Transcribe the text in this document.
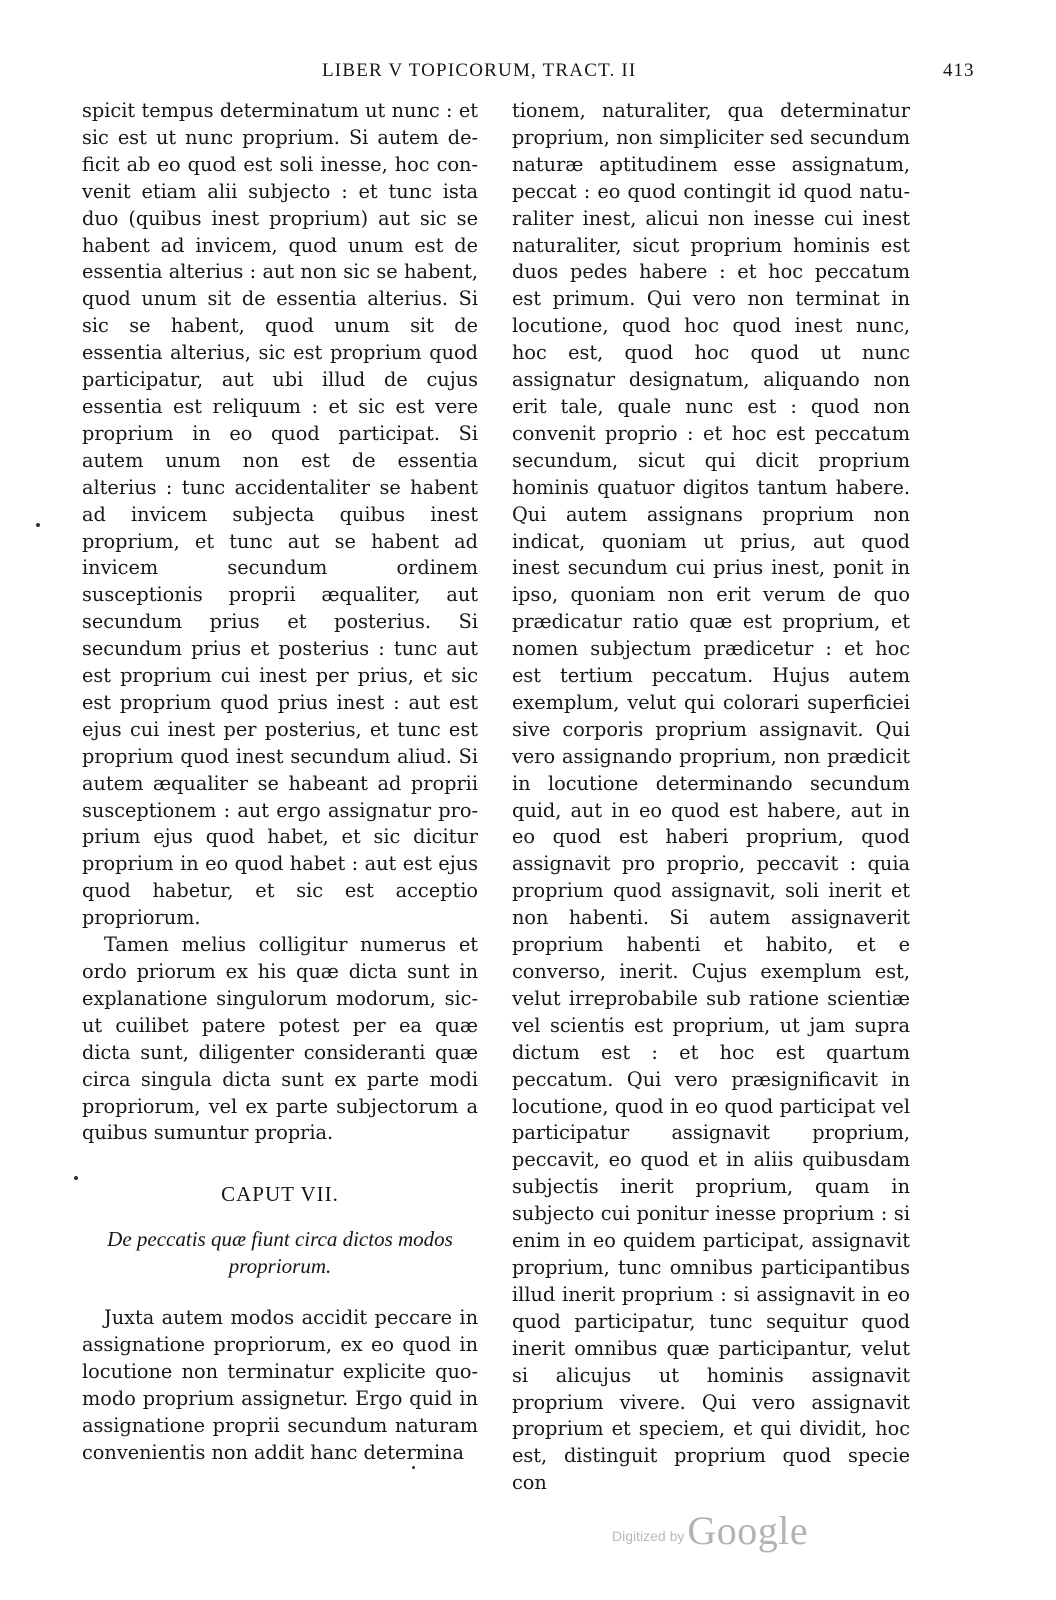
LIBER V TOPICORUM, TRACT. II	413

spicit tempus determinatum ut nunc : et sic est ut nunc proprium. Si autem deficit ab eo quod est soli inesse, hoc convenit etiam alii subjecto : et tunc ista duo (quibus inest proprium) aut sic se habent ad invicem, quod unum est de essentia alterius : aut non sic se habent, quod unum sit de essentia alterius. Si sic se habent, quod unum sit de essentia alterius, sic est proprium quod participatur, aut ubi illud de cujus essentia est reliquum : et sic est vere proprium in eo quod participat. Si autem unum non est de essentia alterius : tunc accidentaliter se habent ad invicem subjecta quibus inest proprium, et tunc aut se habent ad invicem secundum ordinem susceptionis proprii æqualiter, aut secundum prius et posterius. Si secundum prius et posterius : tunc aut est proprium cui inest per prius, et sic est proprium quod prius inest : aut est ejus cui inest per posterius, et tunc est proprium quod inest secundum aliud. Si autem æqualiter se habeant ad proprii susceptionem : aut ergo assignatur proprium ejus quod habet, et sic dicitur proprium in eo quod habet : aut est ejus quod habetur, et sic est acceptio propriorum.

Tamen melius colligitur numerus et ordo priorum ex his quæ dicta sunt in explanatione singulorum modorum, sicut cuilibet patere potest per ea quæ dicta sunt, diligenter consideranti quæ circa singula dicta sunt ex parte modi propriorum, vel ex parte subjectorum a quibus sumuntur propria.

CAPUT VII.
De peccatis quæ fiunt circa dictos modos propriorum.

Juxta autem modos accidit peccare in assignatione propriorum, ex eo quod in locutione non terminatur explicite quomodo proprium assignetur. Ergo quid in assignatione proprii secundum naturam convenientis non addit hanc determina

tionem, naturaliter, qua determinatur proprium, non simpliciter sed secundum naturæ aptitudinem esse assignatum, peccat : eo quod contingit id quod naturaliter inest, alicui non inesse cui inest naturaliter, sicut proprium hominis est duos pedes habere : et hoc peccatum est primum. Qui vero non terminat in locutione, quod hoc quod inest nunc, hoc est, quod hoc quod ut nunc assignatur designatum, aliquando non erit tale, quale nunc est : quod non convenit proprio : et hoc est peccatum secundum, sicut qui dicit proprium hominis quatuor digitos tantum habere. Qui autem assignans proprium non indicat, quoniam ut prius, aut quod inest secundum cui prius inest, ponit in ipso, quoniam non erit verum de quo prædicatur ratio quæ est proprium, et nomen subjectum prædicetur : et hoc est tertium peccatum. Hujus autem exemplum, velut qui colorari superficiei sive corporis proprium assignavit. Qui vero assignando proprium, non prædicit in locutione determinando secundum quid, aut in eo quod est habere, aut in eo quod est haberi proprium, quod assignavit pro proprio, peccavit : quia proprium quod assignavit, soli inerit et non habenti. Si autem assignaverit proprium habenti et habito, et e converso, inerit. Cujus exemplum est, velut irreprobabile sub ratione scientiæ vel scientis est proprium, ut jam supra dictum est : et hoc est quartum peccatum. Qui vero præsignificavit in locutione, quod in eo quod participat vel participatur assignavit proprium, peccavit, eo quod et in aliis quibusdam subjectis inerit proprium, quam in subjecto cui ponitur inesse proprium : si enim in eo quidem participat, assignavit proprium, tunc omnibus participantibus illud inerit proprium : si assignavit in eo quod participatur, tunc sequitur quod inerit omnibus quæ participantur, velut si alicujus ut hominis assignavit proprium vivere. Qui vero assignavit proprium et speciem, et qui dividit, hoc est, distinguit proprium quod specie con

Digitized by Google
